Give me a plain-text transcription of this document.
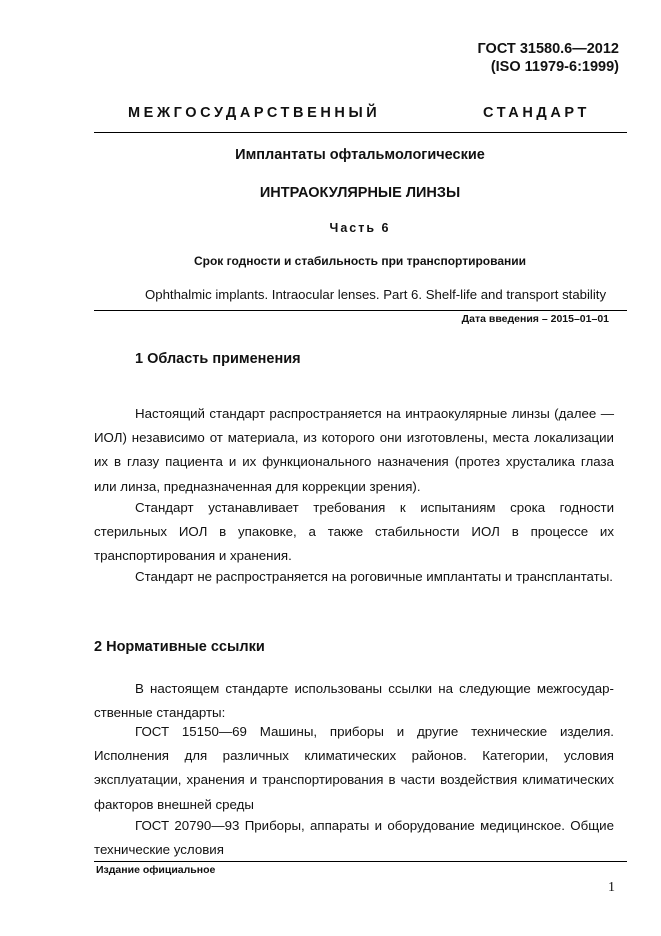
ГОСТ 31580.6—2012
(ISO 11979-6:1999)
МЕЖГОСУДАРСТВЕННЫЙ	СТАНДАРТ
Имплантаты офтальмологические
ИНТРАОКУЛЯРНЫЕ ЛИНЗЫ
Часть 6
Срок годности и стабильность при транспортировании
Ophthalmic implants. Intraocular lenses. Part 6. Shelf-life and transport stability
Дата введения – 2015–01–01
1 Область применения

Настоящий стандарт распространяется на интраокулярные линзы (далее — ИОЛ) независимо от материала, из которого они изготовлены, места локализации их в глазу пациента и их функционального назначения (протез хрусталика глаза или линза, предназначенная для коррекции зрения).

Стандарт устанавливает требования к испытаниям срока годности стерильных ИОЛ в упаковке, а также стабильности ИОЛ в процессе их транспортирования и хранения.

Стандарт не распространяется на роговичные имплантаты и трансплантаты.

2 Нормативные ссылки

В настоящем стандарте использованы ссылки на следующие межгосудар-ственные стандарты:

ГОСТ 15150—69 Машины, приборы и другие технические изделия. Исполнения для различных климатических районов. Категории, условия эксплуатации, хранения и транспортирования в части воздействия климатических факторов внешней среды

ГОСТ 20790—93 Приборы, аппараты и оборудование медицинское. Общие технические условия

Издание официальное
1
